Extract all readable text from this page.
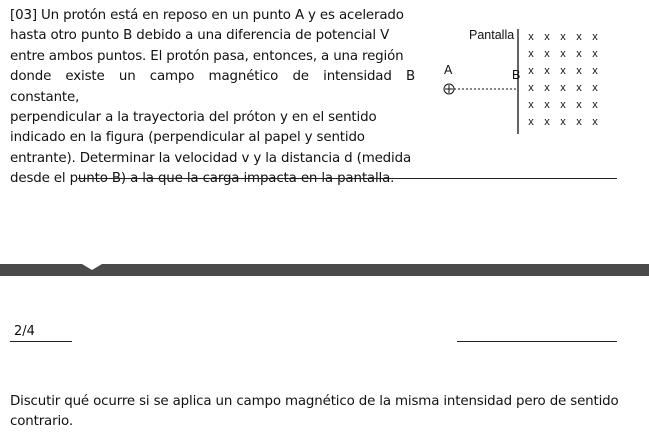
[03] Un protón está en reposo en un punto A y es acelerado
hasta otro punto B debido a una diferencia de potencial V
entre ambos puntos. El protón pasa, entonces, a una región
donde existe un campo magnético de intensidad B constante,
perpendicular a la trayectoria del próton y en el sentido
indicado en la figura (perpendicular al papel y sentido
entrante). Determinar la velocidad v y la distancia d (medida
desde el punto B) a la que la carga impacta en la pantalla.
Pantalla
A	B
x x x x x
x x x x x
x x x x x
x x x x x
x x x x x
x x x x x
2/4
Discutir qué ocurre si se aplica un campo magnético de la misma intensidad pero de sentido contrario.
